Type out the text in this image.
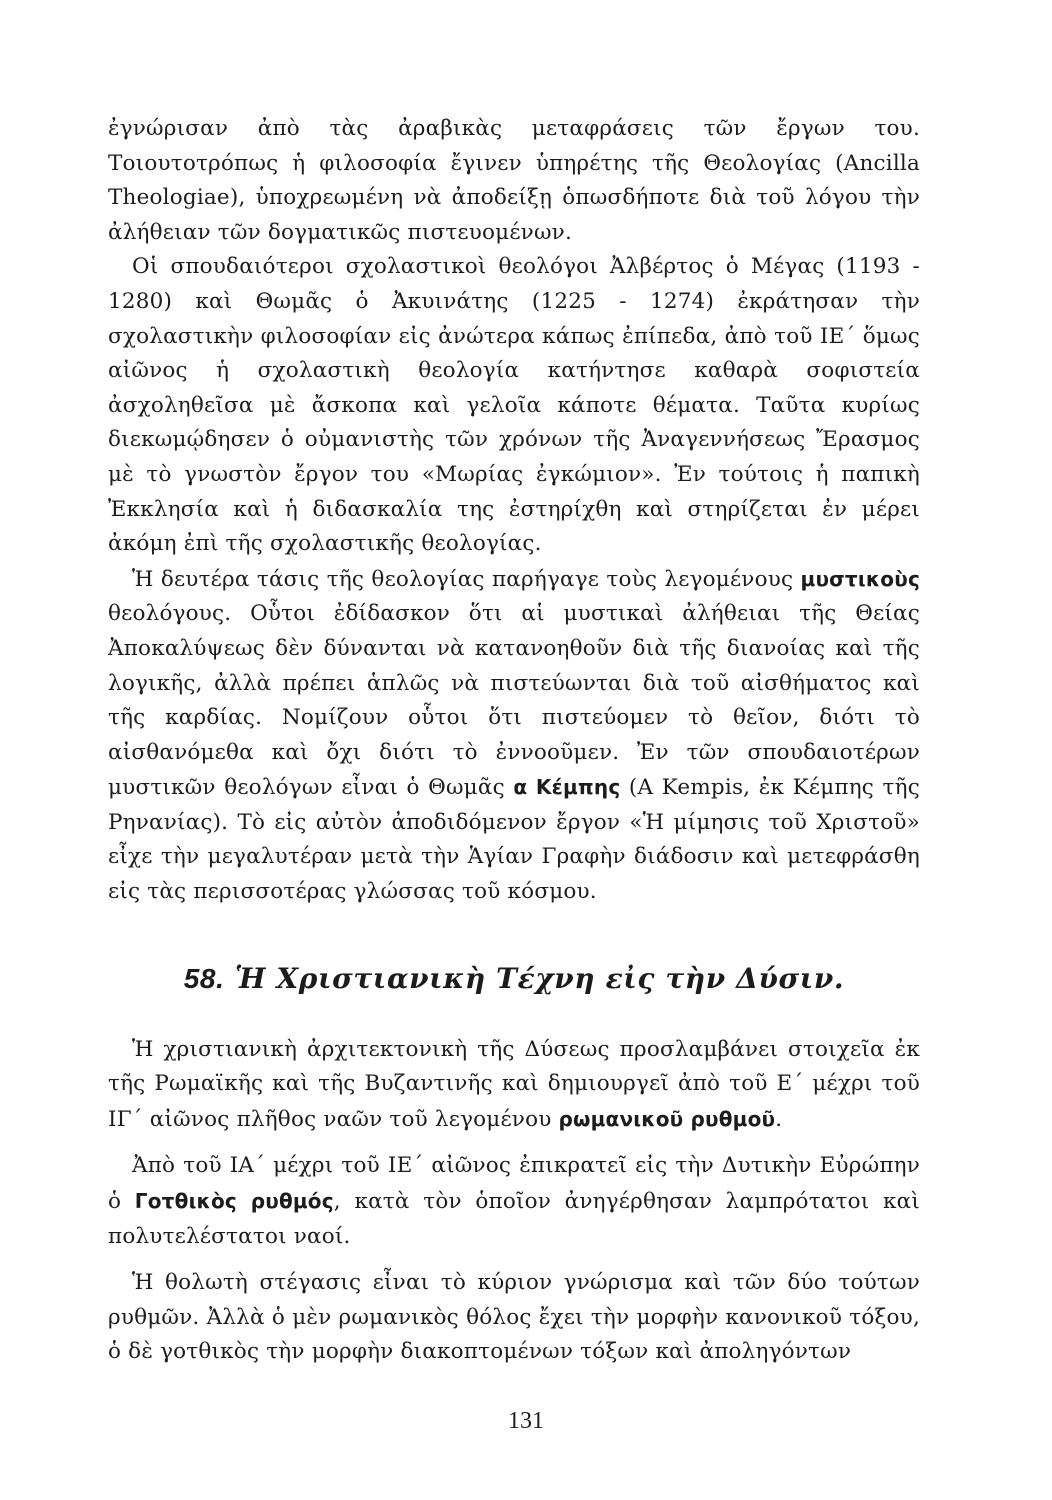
ἐγνώρισαν ἀπὸ τὰς ἀραβικὰς μεταφράσεις τῶν ἔργων του. Τοιουτοτρόπως ἡ φιλοσοφία ἔγινεν ὑπηρέτης τῆς Θεολογίας (Ancilla Theologiae), ὑποχρεωμένη νὰ ἀποδείξῃ ὁπωσδήποτε διὰ τοῦ λόγου τὴν ἀλήθειαν τῶν δογματικῶς πιστευομένων.

Οἱ σπουδαιότεροι σχολαστικοὶ θεολόγοι Ἀλβέρτος ὁ Μέγας (1193 - 1280) καὶ Θωμᾶς ὁ Ἀκυινάτης (1225 - 1274) ἐκράτησαν τὴν σχολαστικὴν φιλοσοφίαν εἰς ἀνώτερα κάπως ἐπίπεδα, ἀπὸ τοῦ ΙΕ΄ ὅμως αἰῶνος ἡ σχολαστικὴ θεολογία κατήντησε καθαρὰ σοφιστεία ἀσχοληθεῖσα μὲ ἄσκοπα καὶ γελοῖα κάποτε θέματα. Ταῦτα κυρίως διεκωμῴδησεν ὁ οὐμανιστὴς τῶν χρόνων τῆς Ἀναγεννήσεως Ἔρασμος μὲ τὸ γνωστὸν ἔργον του «Μωρίας ἐγκώμιον». Ἐν τούτοις ἡ παπικὴ Ἐκκλησία καὶ ἡ διδασκαλία της ἐστηρίχθη καὶ στηρίζεται ἐν μέρει ἀκόμη ἐπὶ τῆς σχολαστικῆς θεολογίας.

Ἡ δευτέρα τάσις τῆς θεολογίας παρήγαγε τοὺς λεγομένους μυστικοὺς θεολόγους. Οὗτοι ἐδίδασκον ὅτι αἱ μυστικαὶ ἀλήθειαι τῆς Θείας Ἀποκαλύψεως δὲν δύνανται νὰ κατανοηθοῦν διὰ τῆς διανοίας καὶ τῆς λογικῆς, ἀλλὰ πρέπει ἁπλῶς νὰ πιστεύωνται διὰ τοῦ αἰσθήματος καὶ τῆς καρδίας. Νομίζουν οὗτοι ὅτι πιστεύομεν τὸ θεῖον, διότι τὸ αἰσθανόμεθα καὶ ὄχι διότι τὸ ἐννοοῦμεν. Ἐν τῶν σπουδαιοτέρων μυστικῶν θεολόγων εἶναι ὁ Θωμᾶς α Κέμπης (A Kempis, ἐκ Κέμπης τῆς Ρηνανίας). Τὸ εἰς αὐτὸν ἀποδιδόμενον ἔργον «Ἡ μίμησις τοῦ Χριστοῦ» εἶχε τὴν μεγαλυτέραν μετὰ τὴν Ἁγίαν Γραφὴν διάδοσιν καὶ μετεφράσθη εἰς τὰς περισσοτέρας γλώσσας τοῦ κόσμου.

58. Ἡ Χριστιανικὴ Τέχνη εἰς τὴν Δύσιν.

Ἡ χριστιανικὴ ἀρχιτεκτονικὴ τῆς Δύσεως προσλαμβάνει στοιχεῖα ἐκ τῆς Ρωμαϊκῆς καὶ τῆς Βυζαντινῆς καὶ δημιουργεῖ ἀπὸ τοῦ Ε΄ μέχρι τοῦ ΙΓ΄ αἰῶνος πλῆθος ναῶν τοῦ λεγομένου ρωμανικοῦ ρυθμοῦ.

Ἀπὸ τοῦ ΙΑ΄ μέχρι τοῦ ΙΕ΄ αἰῶνος ἐπικρατεῖ εἰς τὴν Δυτικὴν Εὐρώπην ὁ Γοτθικὸς ρυθμός, κατὰ τὸν ὁποῖον ἀνηγέρθησαν λαμπρότατοι καὶ πολυτελέστατοι ναοί.

Ἡ θολωτὴ στέγασις εἶναι τὸ κύριον γνώρισμα καὶ τῶν δύο τούτων ρυθμῶν. Ἀλλὰ ὁ μὲν ρωμανικὸς θόλος ἔχει τὴν μορφὴν κανονικοῦ τόξου, ὁ δὲ γοτθικὸς τὴν μορφὴν διακοπτομένων τόξων καὶ ἀποληγόντων

131
